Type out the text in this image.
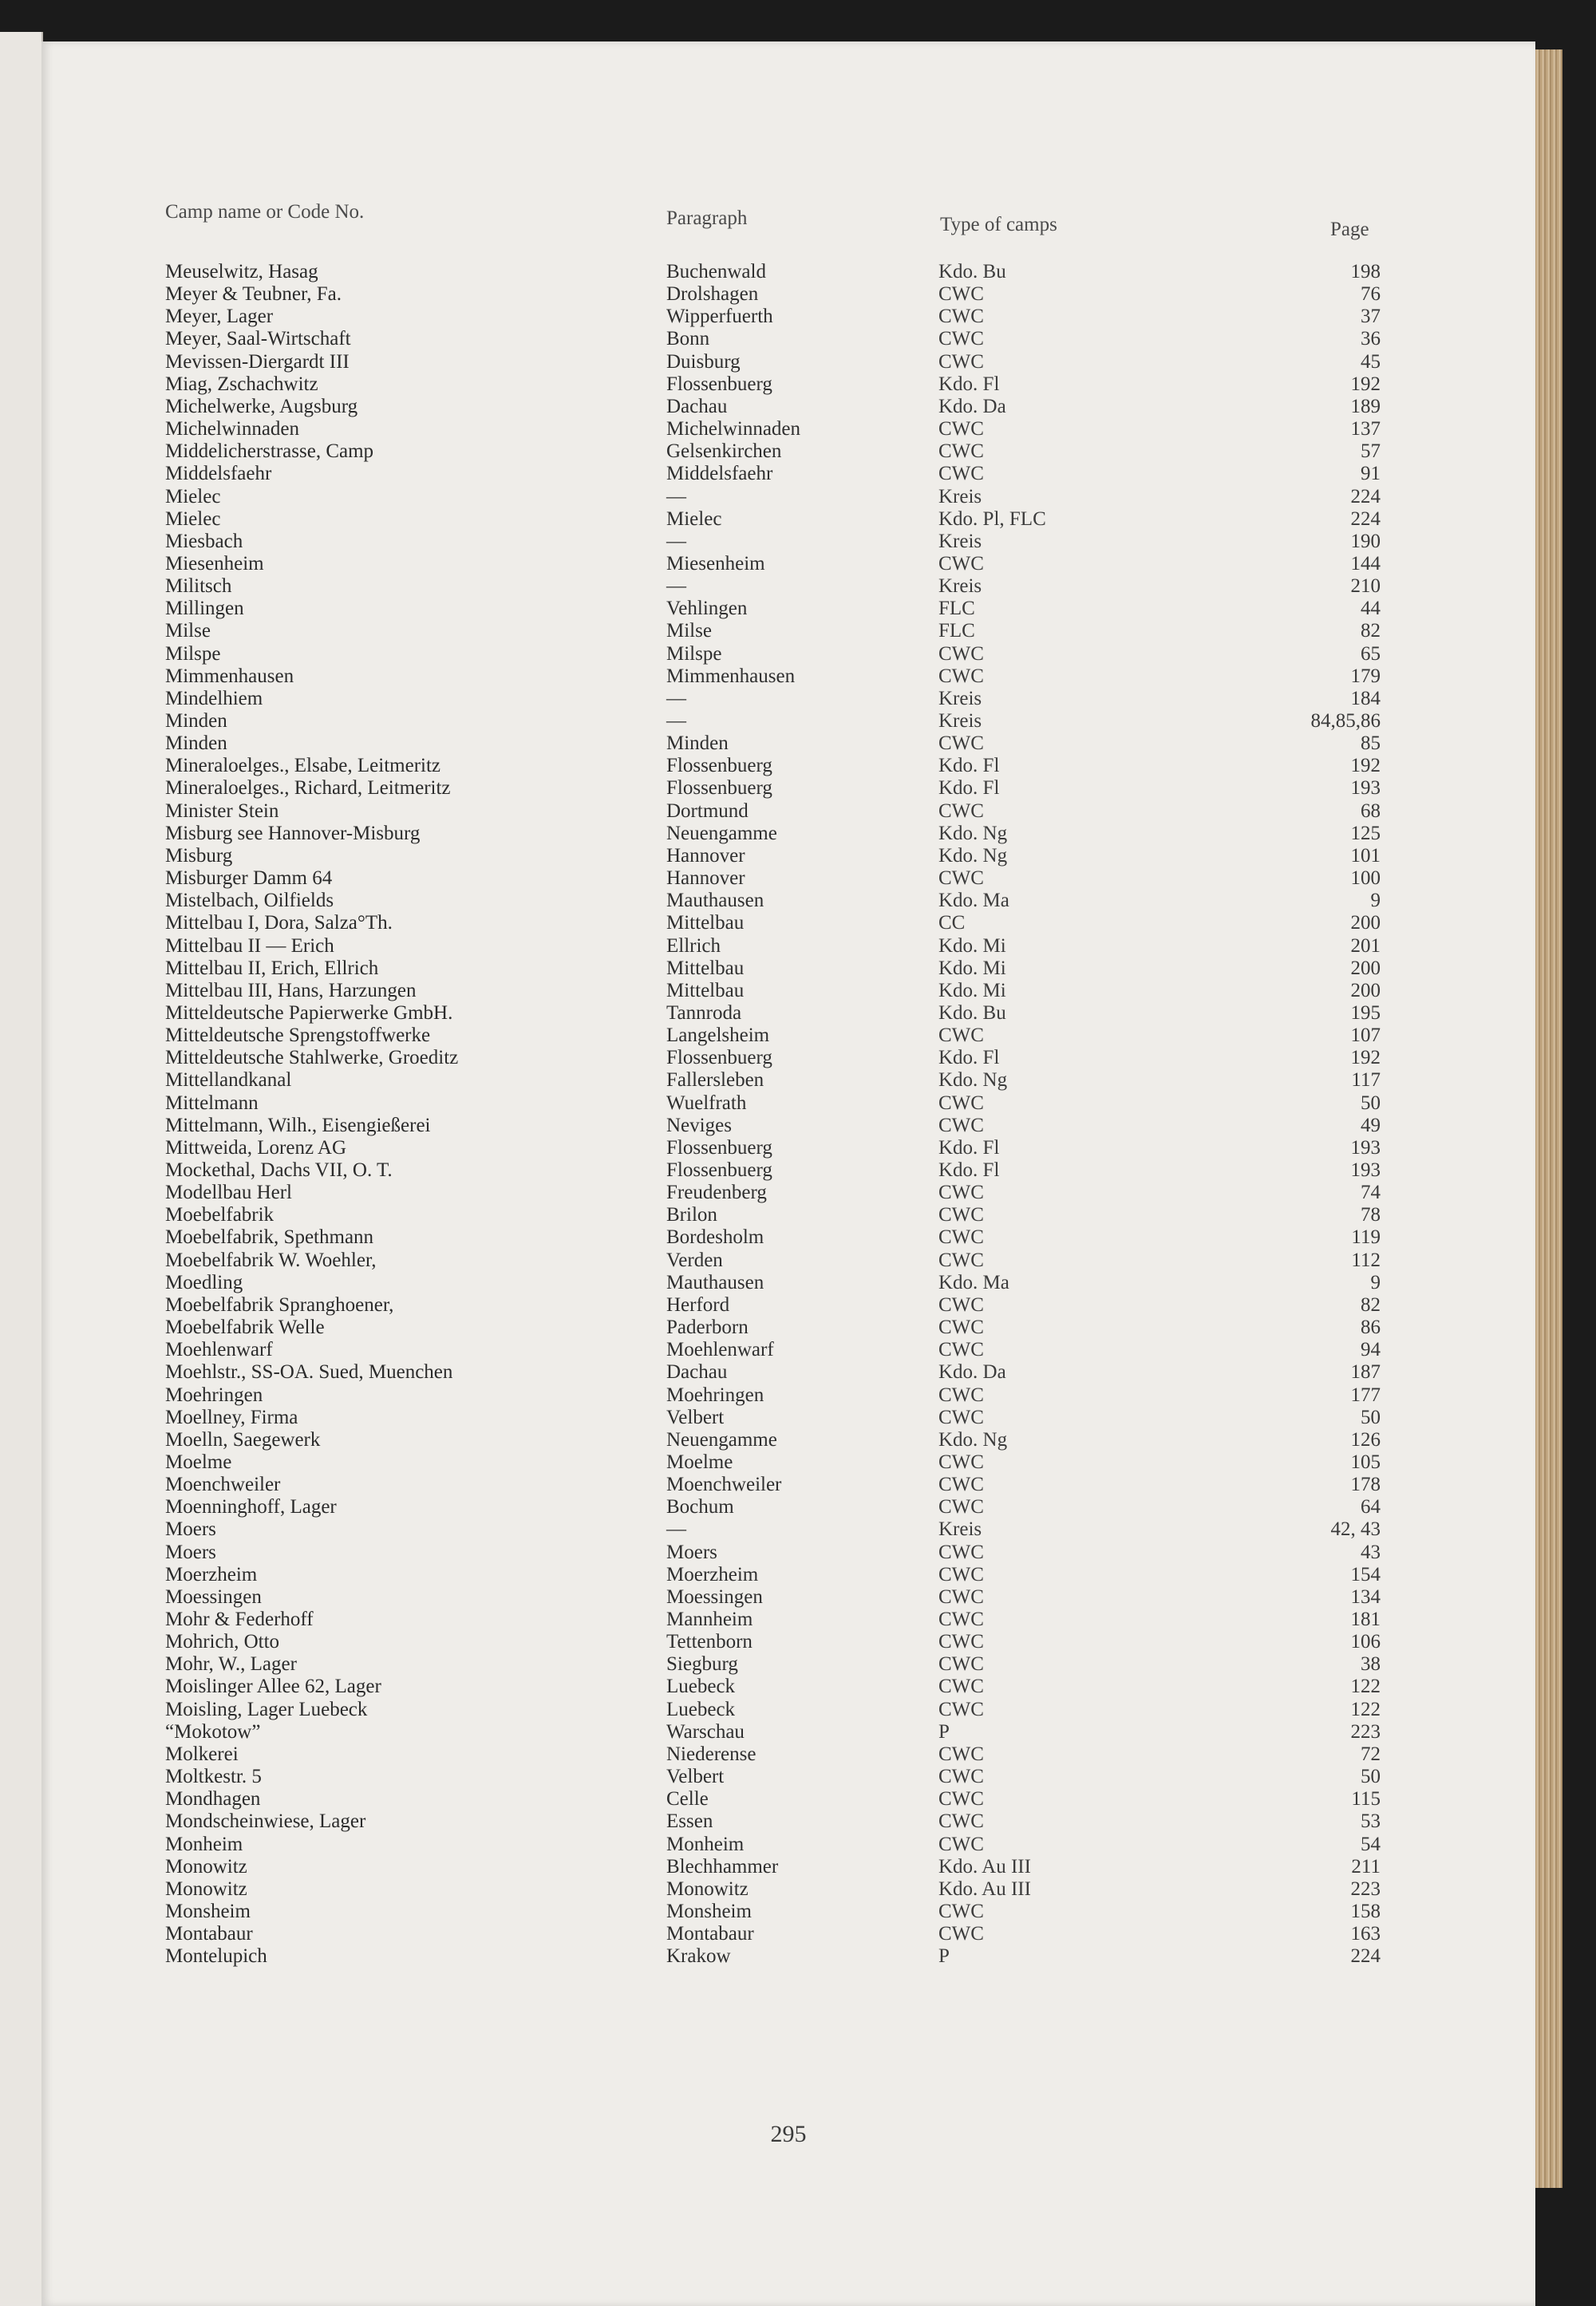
Camp name or Code No.	Paragraph	Type of camps	Page
Meuselwitz, Hasag	Buchenwald	Kdo. Bu	198
Meyer & Teubner, Fa.	Drolshagen	CWC	76
Meyer, Lager	Wipperfuerth	CWC	37
Meyer, Saal-Wirtschaft	Bonn	CWC	36
Mevissen-Diergardt III	Duisburg	CWC	45
Miag, Zschachwitz	Flossenbuerg	Kdo. Fl	192
Michelwerke, Augsburg	Dachau	Kdo. Da	189
Michelwinnaden	Michelwinnaden	CWC	137
Middelicherstrasse, Camp	Gelsenkirchen	CWC	57
Middelsfaehr	Middelsfaehr	CWC	91
Mielec	—	Kreis	224
Mielec	Mielec	Kdo. Pl, FLC	224
Miesbach	—	Kreis	190
Miesenheim	Miesenheim	CWC	144
Militsch	—	Kreis	210
Millingen	Vehlingen	FLC	44
Milse	Milse	FLC	82
Milspe	Milspe	CWC	65
Mimmenhausen	Mimmenhausen	CWC	179
Mindelhiem	—	Kreis	184
Minden	—	Kreis	84,85,86
Minden	Minden	CWC	85
Mineraloelges., Elsabe, Leitmeritz	Flossenbuerg	Kdo. Fl	192
Mineraloelges., Richard, Leitmeritz	Flossenbuerg	Kdo. Fl	193
Minister Stein	Dortmund	CWC	68
Misburg see Hannover-Misburg	Neuengamme	Kdo. Ng	125
Misburg	Hannover	Kdo. Ng	101
Misburger Damm 64	Hannover	CWC	100
Mistelbach, Oilfields	Mauthausen	Kdo. Ma	9
Mittelbau I, Dora, Salza°Th.	Mittelbau	CC	200
Mittelbau II — Erich	Ellrich	Kdo. Mi	201
Mittelbau II, Erich, Ellrich	Mittelbau	Kdo. Mi	200
Mittelbau III, Hans, Harzungen	Mittelbau	Kdo. Mi	200
Mitteldeutsche Papierwerke GmbH.	Tannroda	Kdo. Bu	195
Mitteldeutsche Sprengstoffwerke	Langelsheim	CWC	107
Mitteldeutsche Stahlwerke, Groeditz	Flossenbuerg	Kdo. Fl	192
Mittellandkanal	Fallersleben	Kdo. Ng	117
Mittelmann	Wuelfrath	CWC	50
Mittelmann, Wilh., Eisengießerei	Neviges	CWC	49
Mittweida, Lorenz AG	Flossenbuerg	Kdo. Fl	193
Mockethal, Dachs VII, O. T.	Flossenbuerg	Kdo. Fl	193
Modellbau Herl	Freudenberg	CWC	74
Moebelfabrik	Brilon	CWC	78
Moebelfabrik, Spethmann	Bordesholm	CWC	119
Moebelfabrik W. Woehler,	Verden	CWC	112
Moedling	Mauthausen	Kdo. Ma	9
Moebelfabrik Spranghoener,	Herford	CWC	82
Moebelfabrik Welle	Paderborn	CWC	86
Moehlenwarf	Moehlenwarf	CWC	94
Moehlstr., SS-OA. Sued, Muenchen	Dachau	Kdo. Da	187
Moehringen	Moehringen	CWC	177
Moellney, Firma	Velbert	CWC	50
Moelln, Saegewerk	Neuengamme	Kdo. Ng	126
Moelme	Moelme	CWC	105
Moenchweiler	Moenchweiler	CWC	178
Moenninghoff, Lager	Bochum	CWC	64
Moers	—	Kreis	42, 43
Moers	Moers	CWC	43
Moerzheim	Moerzheim	CWC	154
Moessingen	Moessingen	CWC	134
Mohr & Federhoff	Mannheim	CWC	181
Mohrich, Otto	Tettenborn	CWC	106
Mohr, W., Lager	Siegburg	CWC	38
Moislinger Allee 62, Lager	Luebeck	CWC	122
Moisling, Lager Luebeck	Luebeck	CWC	122
“Mokotow”	Warschau	P	223
Molkerei	Niederense	CWC	72
Moltkestr. 5	Velbert	CWC	50
Mondhagen	Celle	CWC	115
Mondscheinwiese, Lager	Essen	CWC	53
Monheim	Monheim	CWC	54
Monowitz	Blechhammer	Kdo. Au III	211
Monowitz	Monowitz	Kdo. Au III	223
Monsheim	Monsheim	CWC	158
Montabaur	Montabaur	CWC	163
Montelupich	Krakow	P	224
295
